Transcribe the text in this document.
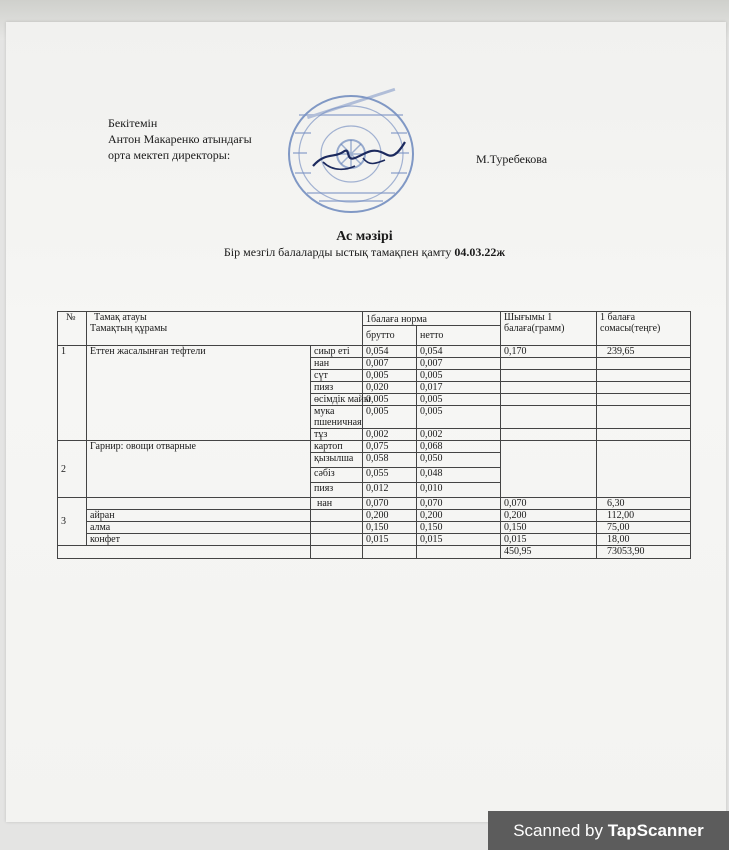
Бекітемін
Антон Макаренко атындағы
орта мектеп директоры:	М.Туребекова
Ас мәзірі
Бір мезгіл балаларды ыстық тамақпен қамту 04.03.22ж
№	Тамақ атауы
Тамақтың құрамы		1балаға норма		Шығымы 1 балаға(грамм)	1 балаға сомасы(теңге)	
			брутто	нетто			
1	Еттен жасалынған тефтели	сиыр еті	0,054	0,054	0,170	239,65	
		нан	0,007	0,007			
		сүт	0,005	0,005			
		пияз	0,020	0,017			
		өсімдік майы	0,005	0,005			
		мука пшеничная	0,005	0,005			
		тұз	0,002	0,002			
2	Гарнир: овощи отварные	картоп	0,075	0,068			
		қызылша	0,058	0,050			
		сәбіз	0,055	0,048			
		пияз	0,012	0,010			
3		нан	0,070	0,070	0,070	6,30	
	айран		0,200	0,200	0,200	112,00	
	алма		0,150	0,150	0,150	75,00	
	конфет		0,015	0,015	0,015	18,00	
					450,95	73053,90	
Scanned by TapScanner
